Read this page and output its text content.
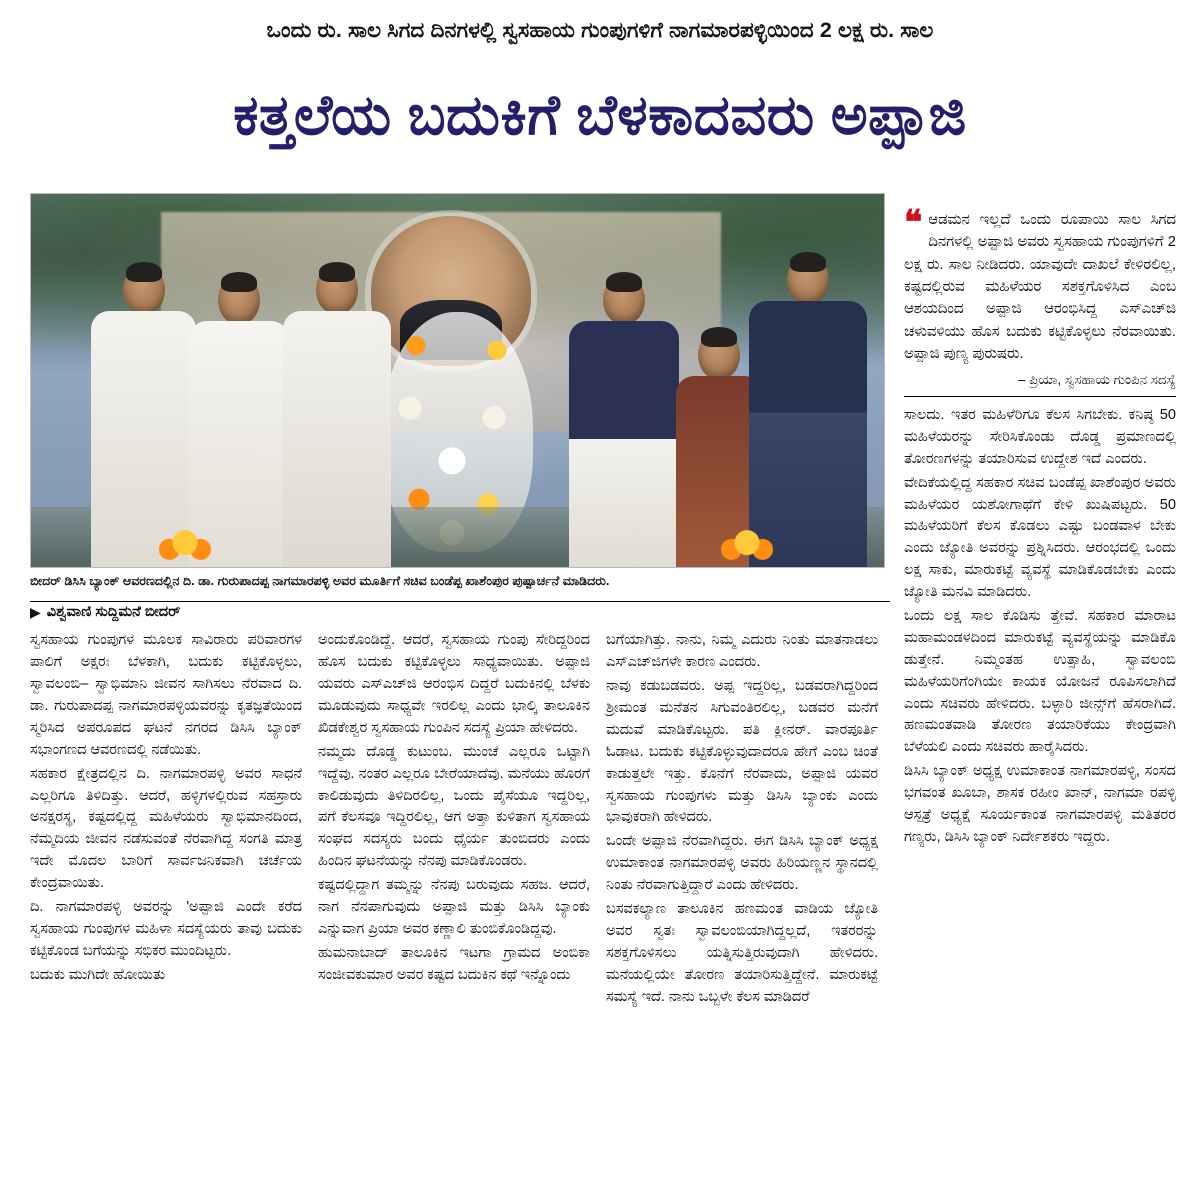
ಒಂದು ರು. ಸಾಲ ಸಿಗದ ದಿನಗಳಲ್ಲಿ ಸ್ವಸಹಾಯ ಗುಂಪುಗಳಿಗೆ ನಾಗಮಾರಪಳ್ಳಿಯಿಂದ 2 ಲಕ್ಷ ರು. ಸಾಲ
ಕತ್ತಲೆಯ ಬದುಕಿಗೆ ಬೆಳಕಾದವರು ಅಪ್ಪಾಜಿ
ಬೀದರ್ ಡಿಸಿಸಿ ಬ್ಯಾಂಕ್ ಆವರಣದಲ್ಲಿನ ದಿ. ಡಾ. ಗುರುಪಾದಪ್ಪ ನಾಗಮಾರಪಳ್ಳಿ ಅವರ ಮೂರ್ತಿಗೆ ಸಚಿವ ಬಂಡೆಪ್ಪ ಖಾಶೆಂಪುರ ಪುಷ್ಪಾರ್ಚನೆ ಮಾಡಿದರು.
▶ ವಿಶ್ವವಾಣಿ ಸುದ್ದಿಮನೆ ಬೀದರ್

ಸ್ವಸಹಾಯ ಗುಂಪುಗಳ ಮೂಲಕ ಸಾವಿರಾರು ಪರಿವಾರಗಳ ಪಾಲಿಗೆ ಅಕ್ಷರಃ ಬೆಳಕಾಗಿ, ಬದುಕು ಕಟ್ಟಿಕೊಳ್ಳಲು, ಸ್ವಾವಲಂಬಿ– ಸ್ವಾಭಿಮಾನಿ ಜೀವನ ಸಾಗಿಸಲು ನೆರವಾದ ದಿ. ಡಾ. ಗುರುಪಾದಪ್ಪ ನಾಗಮಾರಪಳ್ಳಿಯವರನ್ನು ಕೃತಜ್ಞತೆಯಿಂದ ಸ್ಮರಿಸಿದ ಅಪರೂಪದ ಘಟನೆ ನಗರದ ಡಿಸಿಸಿ ಬ್ಯಾಂಕ್ ಸಭಾಂಗಣದ ಆವರಣದಲ್ಲಿ ನಡೆಯಿತು.

ಸಹಕಾರ ಕ್ಷೇತ್ರದಲ್ಲಿನ ದಿ. ನಾಗಮಾರಪಳ್ಳಿ ಅವರ ಸಾಧನೆ ಎಲ್ಲರಿಗೂ ತಿಳಿದಿತ್ತು. ಆದರೆ, ಹಳ್ಳಿಗಳಲ್ಲಿರುವ ಸಹಸ್ರಾರು ಅನಕ್ಷರಸ್ಥ, ಕಷ್ಟದಲ್ಲಿದ್ದ ಮಹಿಳೆಯರು ಸ್ವಾಭಿಮಾನದಿಂದ, ನೆಮ್ಮದಿಯ ಜೀವನ ನಡೆಸುವಂತೆ ನೆರವಾಗಿದ್ದ ಸಂಗತಿ ಮಾತ್ರ ಇದೇ ಮೊದಲ ಬಾರಿಗೆ ಸಾರ್ವಜನಿಕವಾಗಿ ಚರ್ಚೆಯ ಕೇಂದ್ರವಾಯಿತು.

ದಿ. ನಾಗಮಾರಪಳ್ಳಿ ಅವರನ್ನು 'ಅಪ್ಪಾಜಿ ಎಂದೇ ಕರೆದ ಸ್ವಸಹಾಯ ಗುಂಪುಗಳ ಮಹಿಳಾ ಸದಸ್ಯೆಯರು ತಾವು ಬದುಕು ಕಟ್ಟಿಕೊಂಡ ಬಗೆಯನ್ನು ಸಭಿಕರ ಮುಂದಿಟ್ಟರು.

ಬದುಕು ಮುಗಿದೇ ಹೋಯಿತು

ಅಂದುಕೊಂಡಿದ್ದೆ. ಆದರೆ, ಸ್ವಸಹಾಯ ಗುಂಪು ಸೇರಿದ್ದರಿಂದ ಹೊಸ ಬದುಕು ಕಟ್ಟಿಕೊಳ್ಳಲು ಸಾಧ್ಯವಾಯಿತು. ಅಪ್ಪಾಜಿ ಯವರು ಎಸ್‌ಎಚ್‌ಜಿ ಆರಂಭಿಸ ದಿದ್ದರೆ ಬದುಕಿನಲ್ಲಿ ಬೆಳಕು ಮೂಡುವುದು ಸಾಧ್ಯವೇ ಇರಲಿಲ್ಲ ಎಂದು ಭಾಲ್ಕಿ ತಾಲೂಕಿನ ಖಿಡಕೇಶ್ವರ ಸ್ವಸಹಾಯ ಗುಂಪಿನ ಸದಸ್ಯೆ ಪ್ರಿಯಾ ಹೇಳಿದರು.

ನಮ್ಮದು ದೊಡ್ಡ ಕುಟುಂಬ. ಮುಂಚೆ ಎಲ್ಲರೂ ಒಟ್ಟಾಗಿ ಇದ್ದೆವು. ನಂತರ ಎಲ್ಲರೂ ಬೇರೆಯಾದೆವು. ಮನೆಯು ಹೊರಗೆ ಕಾಲಿಡುವುದು ತಿಳಿದಿರಲಿಲ್ಲ, ಒಂದು ಪೈಸೆಯೂ ಇದ್ದರಿಲ್ಲ, ಪಗೆ ಕೆಲಸವೂ ಇದ್ದಿರಲಿಲ್ಲ, ಆಗ ಅತ್ತಾ ಕುಳಿತಾಗ ಸ್ವಸಹಾಯ ಸಂಘದ ಸದಸ್ಯರು ಬಂದು ಧೈರ್ಯ ತುಂಬಿದರು ಎಂದು ಹಿಂದಿನ ಘಟನೆಯನ್ನು ನೆನಪು ಮಾಡಿಕೊಂಡರು.

ಕಷ್ಟದಲ್ಲಿದ್ದಾಗ ತಮ್ಮನ್ನು ನೆನಪು ಬರುವುದು ಸಹಜ. ಆದರೆ, ನಾಗ ನೆನಪಾಗುವುದು ಅಪ್ಪಾಜಿ ಮತ್ತು ಡಿಸಿಸಿ ಬ್ಯಾಂಕು ಎನ್ನುವಾಗ ಪ್ರಿಯಾ ಅವರ ಕಣ್ಣಾಲಿ ತುಂಬಿಕೊಂಡಿದ್ದವು.

ಹುಮನಾಬಾದ್ ತಾಲೂಕಿನ ಇಟಗಾ ಗ್ರಾಮದ ಅಂಬಿಕಾ ಸಂಜೀವಕುಮಾರ ಅವರ ಕಷ್ಟದ ಬದುಕಿನ ಕಥೆ ಇನ್ನೊಂದು

ಬಗೆಯಾಗಿತ್ತು. ನಾನು, ನಿಮ್ಮ ಎದುರು ನಿಂತು ಮಾತನಾಡಲು ಎಸ್‌ಎಚ್‌ಜಿಗಳೇ ಕಾರಣ ಎಂದರು.

ನಾವು ಕಡುಬಡವರು. ಅಪ್ಪ ಇದ್ದರಿಲ್ಲ, ಬಡವರಾಗಿದ್ದರಿಂದ ಶ್ರೀಮಂತ ಮನೆತನ ಸಿಗುವಂತಿರಲಿಲ್ಲ, ಬಡವರ ಮನೆಗೆ ಮದುವೆ ಮಾಡಿಕೊಟ್ಟರು. ಪತಿ ಕ್ಲೀನರ್. ವಾರಪೂರ್ತಿ ಓಡಾಟ. ಬದುಕು ಕಟ್ಟಿಕೊಳ್ಳುವುದಾದರೂ ಹೇಗೆ ಎಂಬ ಚಿಂತೆ ಕಾಡುತ್ತಲೇ ಇತ್ತು. ಕೊನೆಗೆ ನೆರವಾದು, ಅಪ್ಪಾಜಿ ಯವರ ಸ್ವಸಹಾಯ ಗುಂಪುಗಳು ಮತ್ತು ಡಿಸಿಸಿ ಬ್ಯಾಂಕು ಎಂದು ಭಾವುಕರಾಗಿ ಹೇಳಿದರು.

ಒಂದೇ ಅಪ್ಪಾಜಿ ನೆರವಾಗಿದ್ದರು. ಈಗ ಡಿಸಿಸಿ ಬ್ಯಾಂಕ್ ಅಧ್ಯಕ್ಷ ಉಮಾಕಾಂತ ನಾಗಮಾರಪಳ್ಳಿ ಅವರು ಹಿರಿಯಣ್ಣನ ಸ್ಥಾನದಲ್ಲಿ ನಿಂತು ನೆರವಾಗುತ್ತಿದ್ದಾರೆ ಎಂದು ಹೇಳಿದರು.

ಬಸವಕಲ್ಯಾಣ ತಾಲೂಕಿನ ಹಣಮಂತ ವಾಡಿಯ ಜ್ಯೋತಿ ಅವರ ಸ್ವತಃ ಸ್ವಾವಲಂಬಿಯಾಗಿದ್ದಲ್ಲದೆ, ಇತರರನ್ನು ಸಶಕ್ತಗೊಳಿಸಲು ಯತ್ನಿಸುತ್ತಿರುವುದಾಗಿ ಹೇಳಿದರು. ಮನೆಯಲ್ಲಿಯೇ ತೋರಣ ತಯಾರಿಸುತ್ತಿದ್ದೇನೆ. ಮಾರುಕಟ್ಟೆ ಸಮಸ್ಯೆ ಇದೆ. ನಾನು ಒಬ್ಬಳೇ ಕೆಲಸ ಮಾಡಿದರೆ

❝ ಆಡಮನ ಇಲ್ಲದೆ ಒಂದು ರೂಪಾಯಿ ಸಾಲ ಸಿಗದ ದಿನಗಳಲ್ಲಿ ಅಪ್ಪಾಜಿ ಅವರು ಸ್ವಸಹಾಯ ಗುಂಪುಗಳಿಗೆ 2 ಲಕ್ಷ ರು. ಸಾಲ ನೀಡಿದರು. ಯಾವುದೇ ದಾಖಲೆ ಕೇಳಿರಲಿಲ್ಲ, ಕಷ್ಟದಲ್ಲಿರುವ ಮಹಿಳೆಯರ ಸಶಕ್ತಗೊಳಿಸಿದ ಎಂಬ ಆಶಯದಿಂದ ಅಪ್ಪಾಜಿ ಆರಂಭಿಸಿದ್ದ ಎಸ್‌ಎಚ್‌ಜಿ ಚಳುವಳಿಯು ಹೊಸ ಬದುಕು ಕಟ್ಟಿಕೊಳ್ಳಲು ನೆರವಾಯಿತು. ಅಪ್ಪಾಜಿ ಪುಣ್ಯ ಪುರುಷರು.
– ಪ್ರಿಯಾ, ಸ್ವಸಹಾಯ ಗುಂಪಿನ ಸದಸ್ಯೆ

ಸಾಲದು. ಇತರ ಮಹಿಳೆರಿಗೂ ಕೆಲಸ ಸಿಗಬೇಕು. ಕನಿಷ್ಠ 50 ಮಹಿಳೆಯರನ್ನು ಸೇರಿಸಿಕೊಂಡು ದೊಡ್ಡ ಪ್ರಮಾಣದಲ್ಲಿ ತೋರಣಗಳನ್ನು ತಯಾರಿಸುವ ಉದ್ದೇಶ ಇದೆ ಎಂದರು.

ವೇದಿಕೆಯಲ್ಲಿದ್ದ ಸಹಕಾರ ಸಚಿವ ಬಂಡೆಪ್ಪ ಖಾಶೆಂಪುರ ಅವರು ಮಹಿಳೆಯರ ಯಶೋಗಾಥೆಗೆ ಕೇಳಿ ಖುಷಿಪಟ್ಟರು. 50 ಮಹಿಳೆಯರಿಗೆ ಕೆಲಸ ಕೊಡಲು ಎಷ್ಟು ಬಂಡವಾಳ ಬೇಕು ಎಂದು ಜ್ಯೋತಿ ಅವರನ್ನು ಪ್ರಶ್ನಿಸಿದರು. ಆರಂಭದಲ್ಲಿ ಒಂದು ಲಕ್ಷ ಸಾಕು, ಮಾರುಕಟ್ಟೆ ವ್ಯವಸ್ಥೆ ಮಾಡಿಕೊಡಬೇಕು ಎಂದು ಜ್ಯೋತಿ ಮನವಿ ಮಾಡಿದರು.

ಒಂದು ಲಕ್ಷ ಸಾಲ ಕೊಡಿಸು ತ್ತೇವೆ. ಸಹಕಾರ ಮಾರಾಟ ಮಹಾಮಂಡಳದಿಂದ ಮಾರುಕಟ್ಟೆ ವ್ಯವಸ್ಥೆಯನ್ನು ಮಾಡಿಕೊ ಡುತ್ತೇನೆ. ನಿಮ್ಮಂತಹ ಉತ್ಸಾಹಿ, ಸ್ವಾವಲಂಬಿ ಮಹಿಳೆಯರಿಗೆಂಗಿಯೇ ಕಾಯಕ ಯೋಜನೆ ರೂಪಿಸಲಾಗಿದೆ ಎಂದು ಸಚಿವರು ಹೇಳಿದರು. ಬಳ್ಳಾರಿ ಜೀನ್ಸ್‌ಗೆ ಹೆಸರಾಗಿದೆ. ಹಣಮಂತವಾಡಿ ತೋರಣ ತಯಾರಿಕೆಯು ಕೇಂದ್ರವಾಗಿ ಬೆಳೆಯಲಿ ಎಂದು ಸಚಿವರು ಹಾರೈಸಿದರು.

ಡಿಸಿಸಿ ಬ್ಯಾಂಕ್ ಅಧ್ಯಕ್ಷ ಉಮಾಕಾಂತ ನಾಗಮಾರಪಳ್ಳಿ, ಸಂಸದ ಭಗವಂತ ಖೂಬಾ, ಶಾಸಕ ರಹೀಂ ಖಾನ್, ನಾಗಮಾ ರಪಳ್ಳಿ ಆಸ್ಪತ್ರೆ ಅಧ್ಯಕ್ಷೆ ಸೂರ್ಯಕಾಂತ ನಾಗಮಾರಪಳ್ಳಿ ಮತಿತರರ ಗಣ್ಯರು, ಡಿಸಿಸಿ ಬ್ಯಾಂಕ್ ನಿರ್ದೇಶಕರು ಇದ್ದರು.
